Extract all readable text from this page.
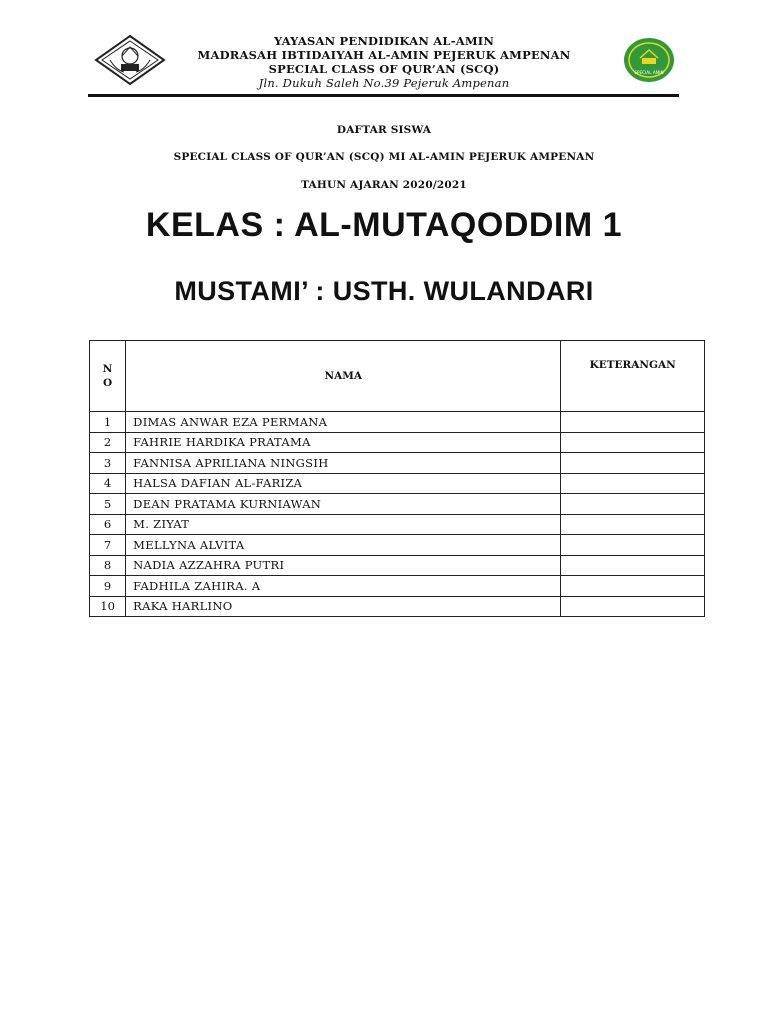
YAYASAN PENDIDIKAN AL-AMIN
MADRASAH IBTIDAIYAH AL-AMIN PEJERUK AMPENAN
SPECIAL CLASS OF QUR’AN (SCQ)
Jln. Dukuh Saleh No.39 Pejeruk Ampenan
SPECIAL AMIN
DAFTAR SISWA
SPECIAL CLASS OF QUR’AN (SCQ) MI AL-AMIN PEJERUK AMPENAN
TAHUN AJARAN 2020/2021
KELAS : AL-MUTAQODDIM 1
MUSTAMI’ : USTH. WULANDARI
N
O	NAMA	KETERANGAN
1	DIMAS ANWAR EZA PERMANA	
2	FAHRIE HARDIKA PRATAMA	
3	FANNISA APRILIANA NINGSIH	
4	HALSA DAFIAN AL-FARIZA	
5	DEAN PRATAMA KURNIAWAN	
6	M. ZIYAT	
7	MELLYNA ALVITA	
8	NADIA AZZAHRA PUTRI	
9	FADHILA ZAHIRA. A	
10	RAKA HARLINO	
